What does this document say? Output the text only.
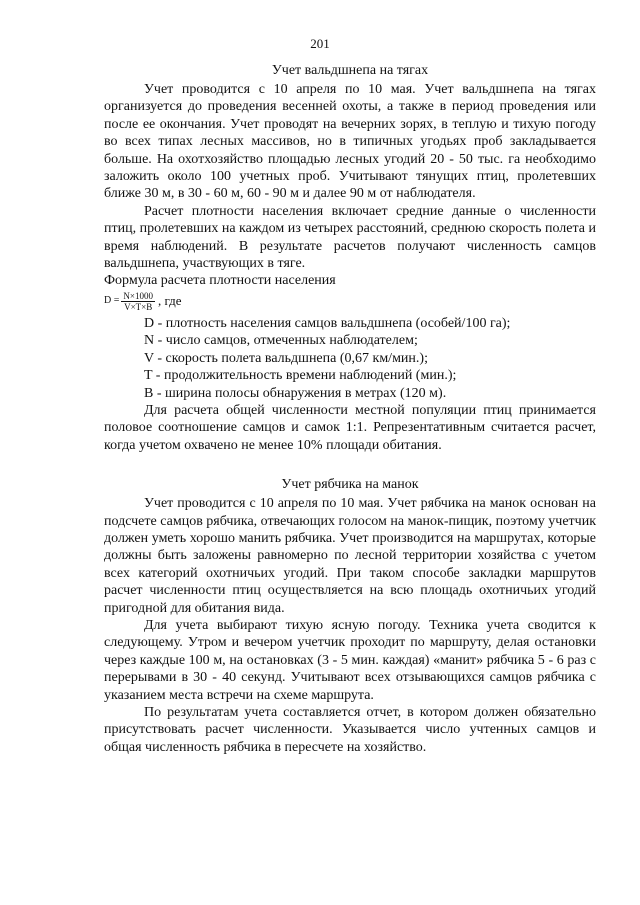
201
Учет вальдшнепа на тягах

Учет проводится с 10 апреля по 10 мая. Учет вальдшнепа на тягах организуется до проведения весенней охоты, а также в период проведения или после ее окончания. Учет проводят на вечерних зорях, в теплую и тихую погоду во всех типах лесных массивов, но в типичных угодьях проб закладывается больше. На охотхозяйство площадью лесных угодий 20 - 50 тыс. га необходимо заложить около 100 учетных проб. Учитывают тянущих птиц, пролетевших ближе 30 м, в 30 - 60 м, 60 - 90 м и далее 90 м от наблюдателя.

Расчет плотности населения включает средние данные о численности птиц, пролетевших на каждом из четырех расстояний, среднюю скорость полета и время наблюдений. В результате расчетов получают численность самцов вальдшнепа, участвующих в тяге.

Формула расчета плотности населения

$D = \frac{N\times 1000}{V\times T\times B}$ , где

D - плотность населения самцов вальдшнепа (особей/100 га);

N - число самцов, отмеченных наблюдателем;

V - скорость полета вальдшнепа (0,67 км/мин.);

T - продолжительность времени наблюдений (мин.);

B - ширина полосы обнаружения в метрах (120 м).

Для расчета общей численности местной популяции птиц принимается половое соотношение самцов и самок 1:1. Репрезентативным считается расчет, когда учетом охвачено не менее 10% площади обитания.

Учет рябчика на манок

Учет проводится с 10 апреля по 10 мая. Учет рябчика на манок основан на подсчете самцов рябчика, отвечающих голосом на манок-пищик, поэтому учетчик должен уметь хорошо манить рябчика. Учет производится на маршрутах, которые должны быть заложены равномерно по лесной территории хозяйства с учетом всех категорий охотничьих угодий. При таком способе закладки маршрутов расчет численности птиц осуществляется на всю площадь охотничьих угодий пригодной для обитания вида.

Для учета выбирают тихую ясную погоду. Техника учета сводится к следующему. Утром и вечером учетчик проходит по маршруту, делая остановки через каждые 100 м, на остановках (3 - 5 мин. каждая) «манит» рябчика 5 - 6 раз с перерывами в 30 - 40 секунд. Учитывают всех отзывающихся самцов рябчика с указанием места встречи на схеме маршрута.

По результатам учета составляется отчет, в котором должен обязательно присутствовать расчет численности. Указывается число учтенных самцов и общая численность рябчика в пересчете на хозяйство.
